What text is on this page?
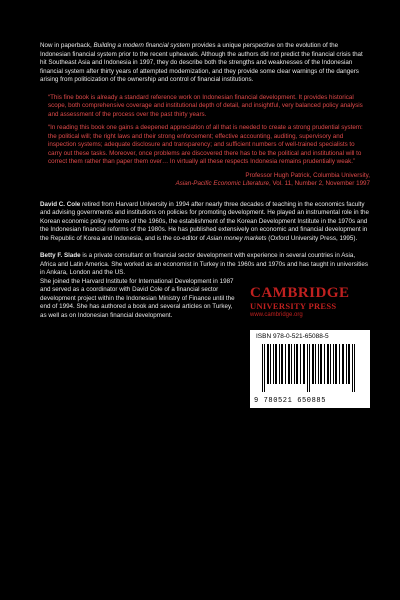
Now in paperback, Building a modern financial system provides a unique perspective on the evolution of the Indonesian financial system prior to the recent upheavals. Although the authors did not predict the financial crisis that hit Southeast Asia and Indonesia in 1997, they do describe both the strengths and weaknesses of the Indonesian financial system after thirty years of attempted modernization, and they provide some clear warnings of the dangers arising from politicization of the ownership and control of financial institutions.

“This fine book is already a standard reference work on Indonesian financial development. It provides historical scope, both comprehensive coverage and institutional depth of detail, and insightful, very balanced policy analysis and assessment of the process over the past thirty years.

“In reading this book one gains a deepened appreciation of all that is needed to create a strong prudential system: the political will; the right laws and their strong enforcement; effective accounting, auditing, supervisory and inspection systems; adequate disclosure and transparency; and sufficient numbers of well-trained specialists to carry out these tasks. Moreover, once problems are discovered there has to be the political and institutional will to correct them rather than paper them over… In virtually all these respects Indonesia remains prudentially weak.”

Professor Hugh Patrick, Columbia University,
Asian-Pacific Economic Literature, Vol. 11, Number 2, November 1997

David C. Cole retired from Harvard University in 1994 after nearly three decades of teaching in the economics faculty and advising governments and institutions on policies for promoting development. He played an instrumental role in the Korean economic policy reforms of the 1960s, the establishment of the Korean Development Institute in the 1970s and the Indonesian financial reforms of the 1980s. He has published extensively on economic and financial development in the Republic of Korea and Indonesia, and is the co-editor of Asian money markets (Oxford University Press, 1995).

Betty F. Slade is a private consultant on financial sector development with experience in several countries in Asia, Africa and Latin America. She worked as an economist in Turkey in the 1960s and 1970s and has taught in universities in Ankara, London and the US.

She joined the Harvard Institute for International Development in 1987 and served as a coordinator with David Cole of a financial sector development project within the Indonesian Ministry of Finance until the end of 1994. She has authored a book and several articles on Turkey, as well as on Indonesian financial development.

CAMBRIDGE
UNIVERSITY PRESS
www.cambridge.org
ISBN 978-0-521-65088-5
9 780521 650885
